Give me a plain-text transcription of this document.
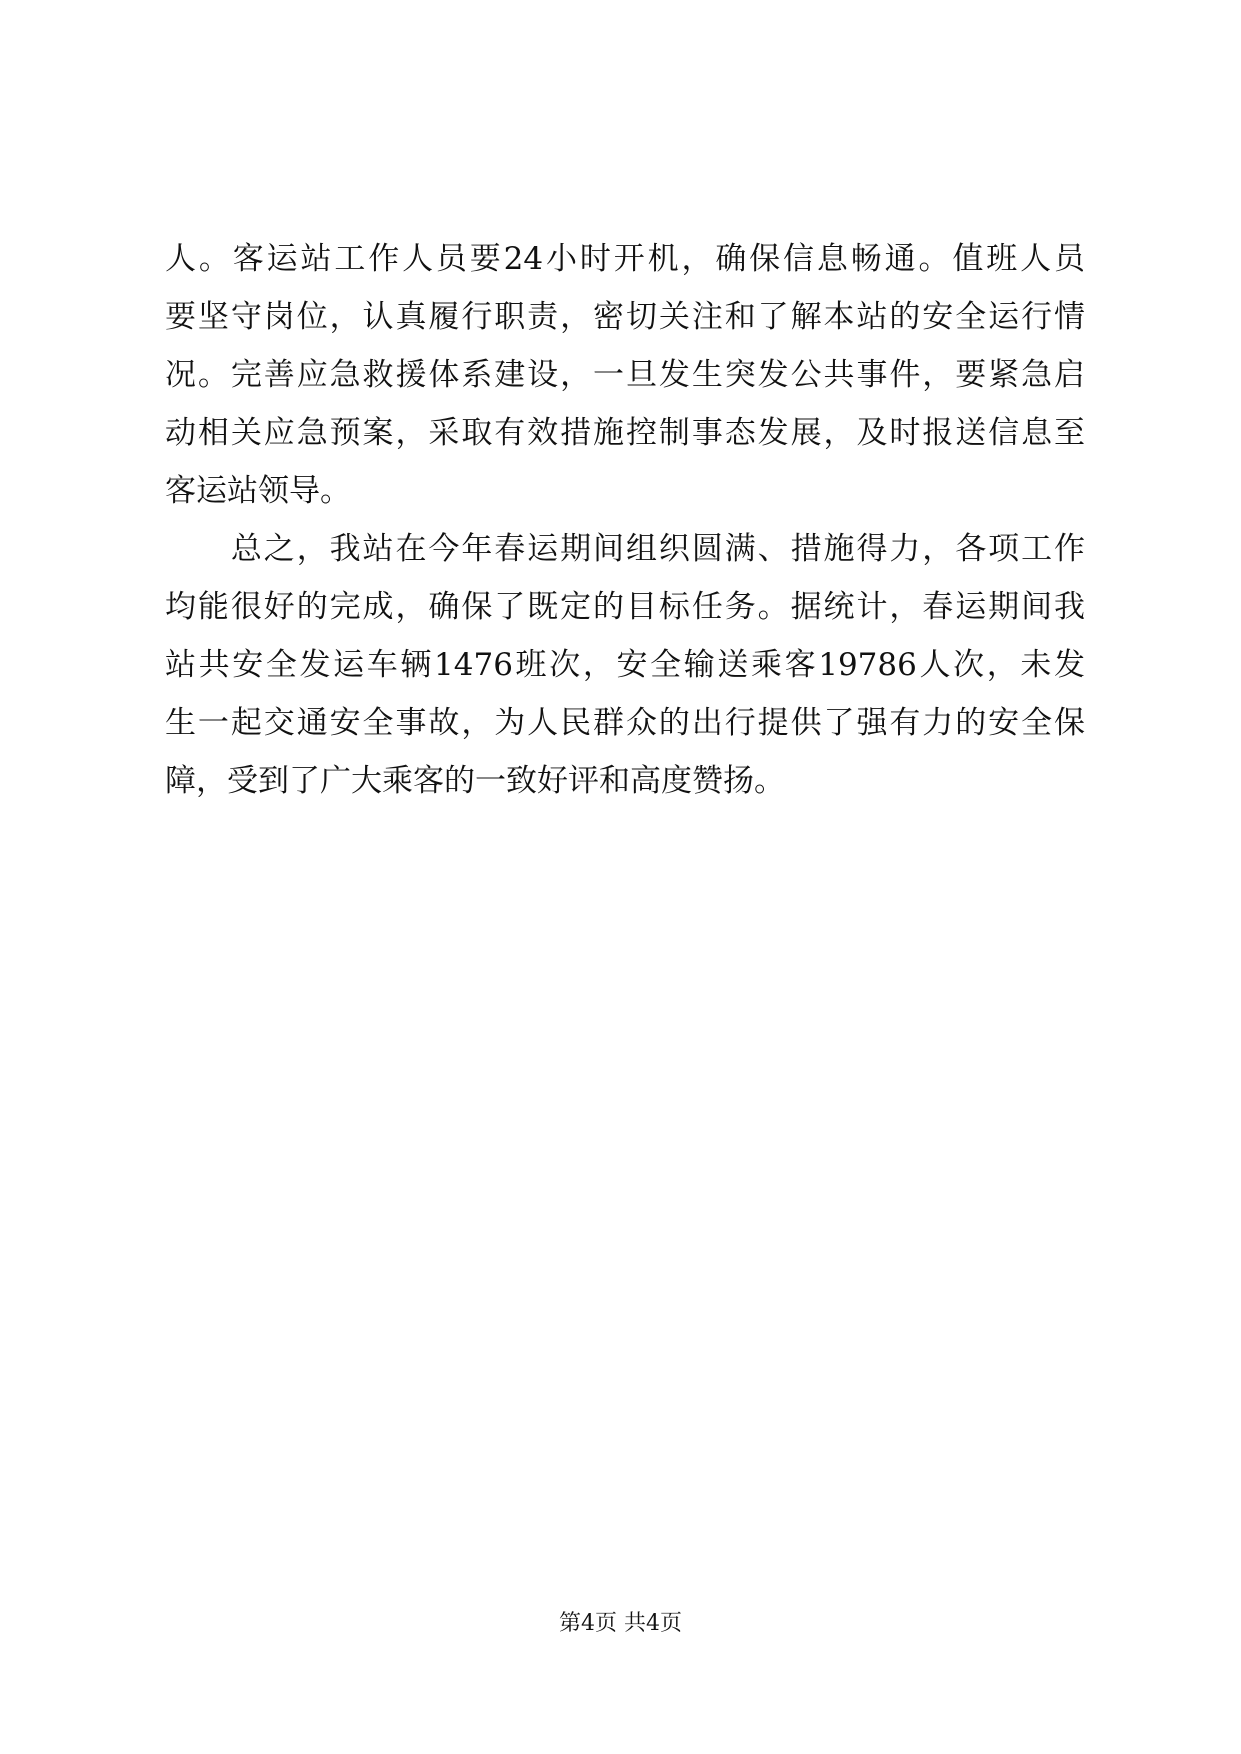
人。客运站工作人员要24小时开机，确保信息畅通。值班人员
要坚守岗位，认真履行职责，密切关注和了解本站的安全运行情
况。完善应急救援体系建设，一旦发生突发公共事件，要紧急启
动相关应急预案，采取有效措施控制事态发展，及时报送信息至
客运站领导。
　　总之，我站在今年春运期间组织圆满、措施得力，各项工作
均能很好的完成，确保了既定的目标任务。据统计，春运期间我
站共安全发运车辆1476班次，安全输送乘客19786人次，未发
生一起交通安全事故，为人民群众的出行提供了强有力的安全保
障，受到了广大乘客的一致好评和高度赞扬。
第4页 共4页
